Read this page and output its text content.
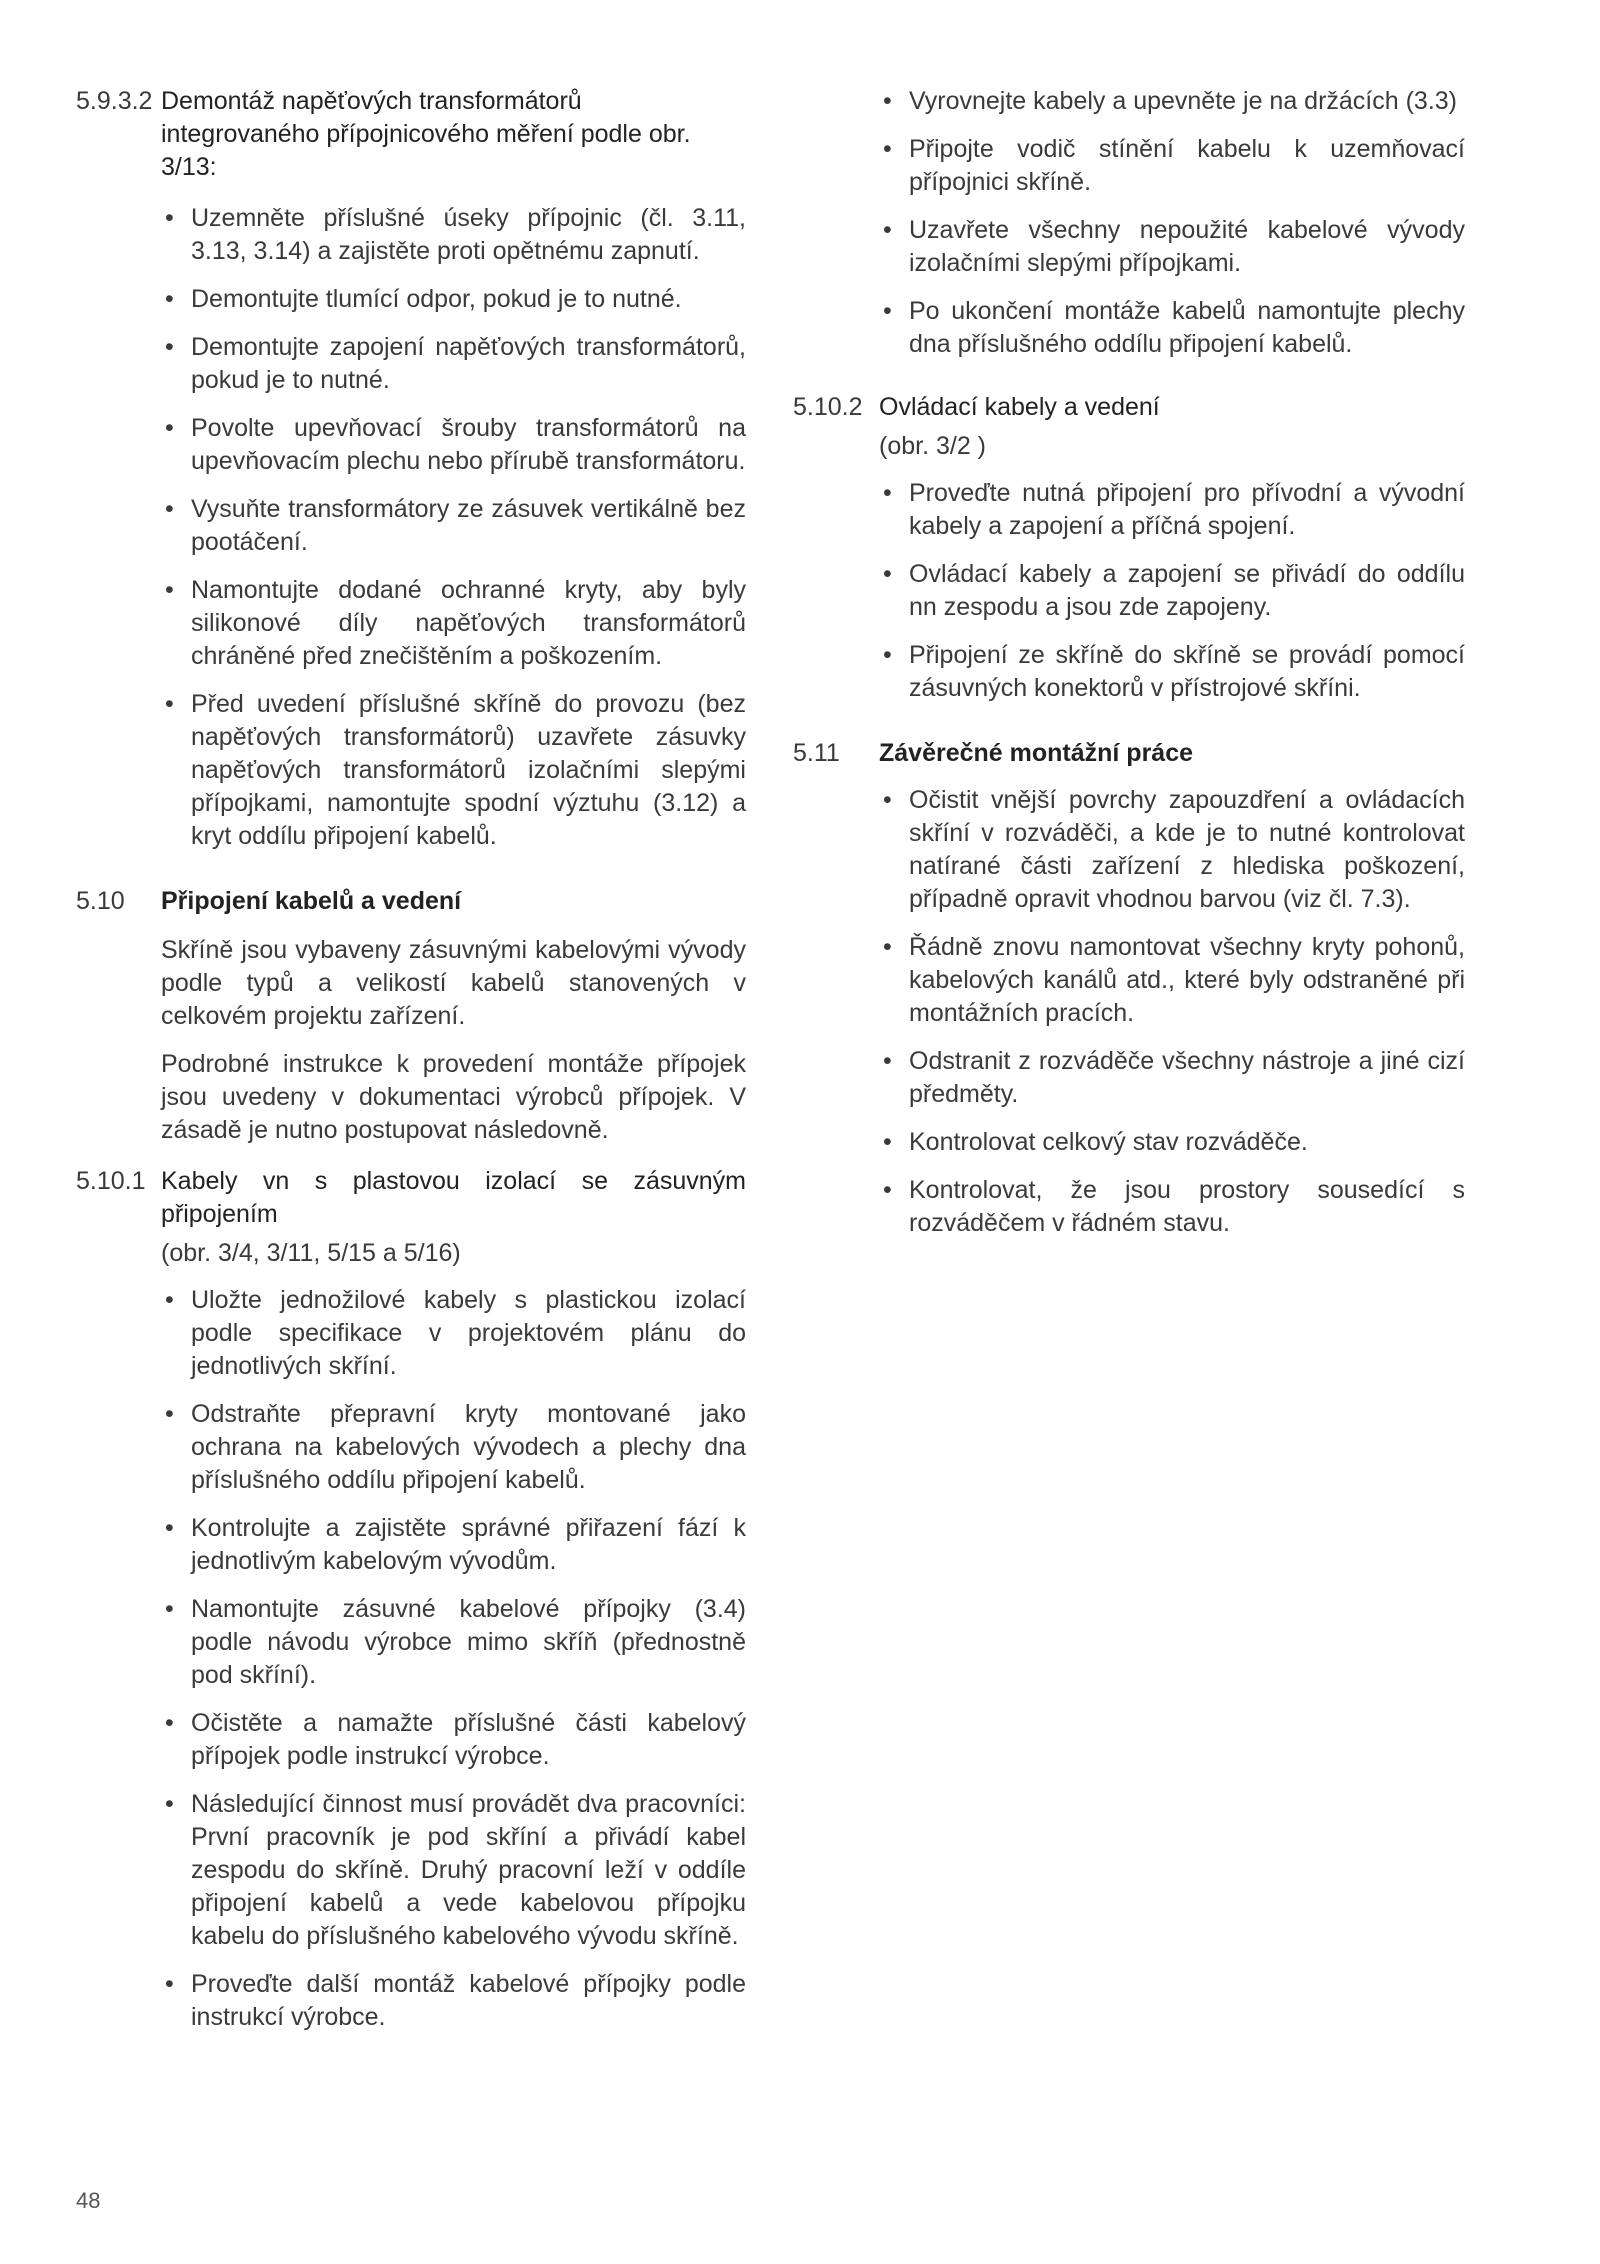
5.9.3.2 Demontáž napěťových transformátorů integrovaného přípojnicového měření podle obr. 3/13:
• Uzemněte příslušné úseky přípojnic (čl. 3.11, 3.13, 3.14) a zajistěte proti opětnému zapnutí.
• Demontujte tlumící odpor, pokud je to nutné.
• Demontujte zapojení napěťových transformátorů, pokud je to nutné.
• Povolte upevňovací šrouby transformátorů na upevňovacím plechu nebo přírubě transformátoru.
• Vysuňte transformátory ze zásuvek vertikálně bez pootáčení.
• Namontujte dodané ochranné kryty, aby byly silikonové díly napěťových transformátorů chráněné před znečištěním a poškozením.
• Před uvedení příslušné skříně do provozu (bez napěťových transformátorů) uzavřete zásuvky napěťových transformátorů izolačními slepými přípojkami, namontujte spodní výztuhu (3.12) a kryt oddílu připojení kabelů.
5.10	Připojení kabelů a vedení

Skříně jsou vybaveny zásuvnými kabelovými vývody podle typů a velikostí kabelů stanovených v celkovém projektu zařízení.

Podrobné instrukce k provedení montáže přípojek jsou uvedeny v dokumentaci výrobců přípojek. V zásadě je nutno postupovat následovně.

5.10.1 Kabely vn s plastovou izolací se zásuvným připojením

(obr. 3/4, 3/11, 5/15 a 5/16)

• Uložte jednožilové kabely s plastickou izolací podle specifikace v projektovém plánu do jednotlivých skříní.
• Odstraňte přepravní kryty montované jako ochrana na kabelových vývodech a plechy dna příslušného oddílu připojení kabelů.
• Kontrolujte a zajistěte správné přiřazení fází k jednotlivým kabelovým vývodům.
• Namontujte zásuvné kabelové přípojky (3.4) podle návodu výrobce mimo skříň (přednostně pod skříní).
• Očistěte a namažte příslušné části kabelový přípojek podle instrukcí výrobce.
• Následující činnost musí provádět dva pracovníci: První pracovník je pod skříní a přivádí kabel zespodu do skříně. Druhý pracovní leží v oddíle připojení kabelů a vede kabelovou přípojku kabelu do příslušného kabelového vývodu skříně.
• Proveďte další montáž kabelové přípojky podle instrukcí výrobce.
• Vyrovnejte kabely a upevněte je na držácích (3.3)
• Připojte vodič stínění kabelu k uzemňovací přípojnici skříně.
• Uzavřete všechny nepoužité kabelové vývody izolačními slepými přípojkami.
• Po ukončení montáže kabelů namontujte plechy dna příslušného oddílu připojení kabelů.
5.10.2 Ovládací kabely a vedení

(obr. 3/2 )

• Proveďte nutná připojení pro přívodní a vývodní kabely a zapojení a příčná spojení.
• Ovládací kabely a zapojení se přivádí do oddílu nn zespodu a jsou zde zapojeny.
• Připojení ze skříně do skříně se provádí pomocí zásuvných konektorů v přístrojové skříni.
5.11	Závěrečné montážní práce
• Očistit vnější povrchy zapouzdření a ovládacích skříní v rozváděči, a kde je to nutné kontrolovat natírané části zařízení z hlediska poškození, případně opravit vhodnou barvou (viz čl. 7.3).
• Řádně znovu namontovat všechny kryty pohonů, kabelových kanálů atd., které byly odstraněné při montážních pracích.
• Odstranit z rozváděče všechny nástroje a jiné cizí předměty.
• Kontrolovat celkový stav rozváděče.
• Kontrolovat, že jsou prostory sousedící s rozváděčem v řádném stavu.
48
